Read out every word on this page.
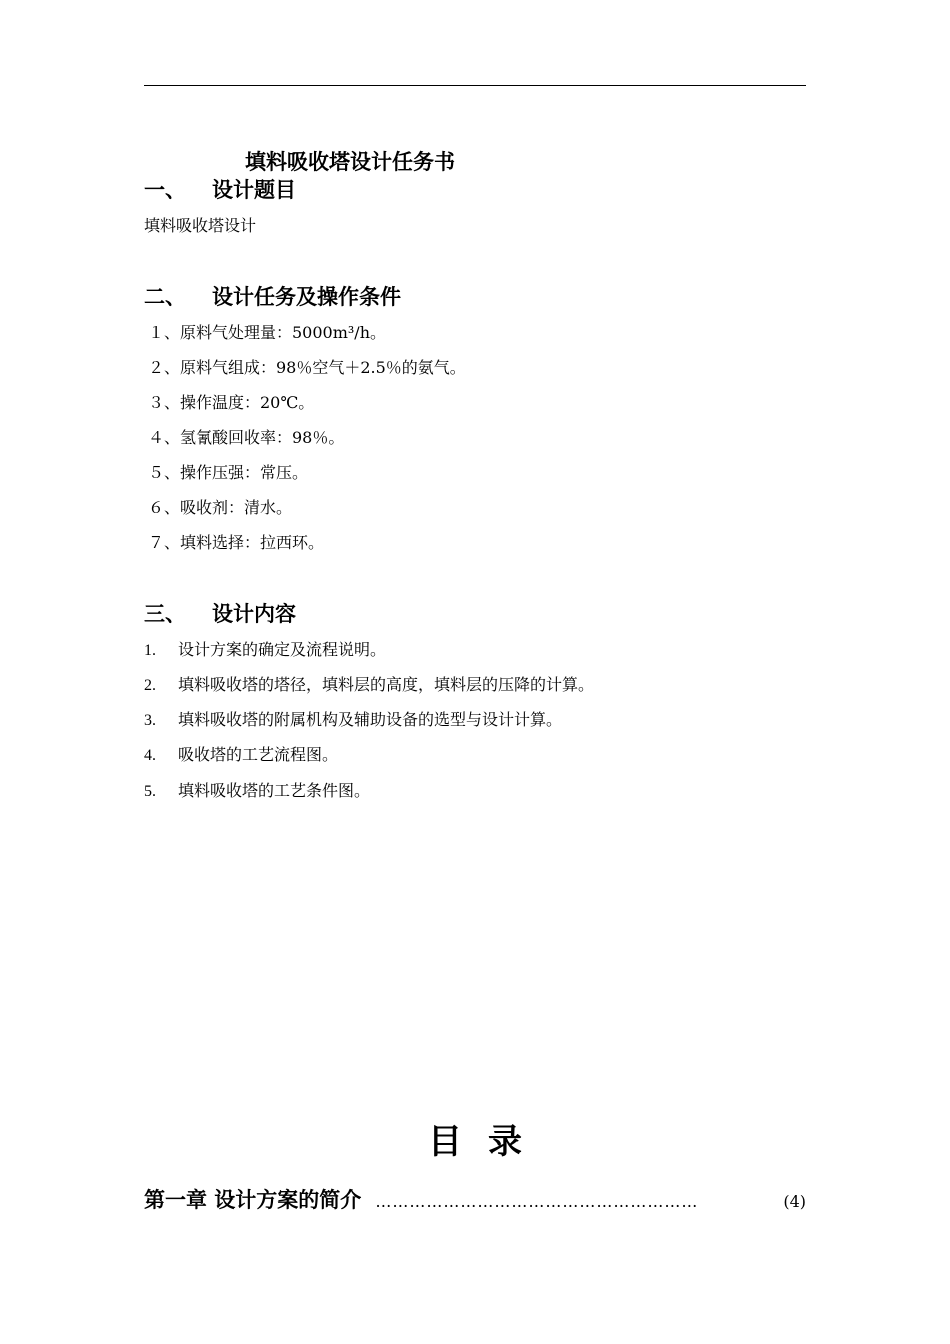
填料吸收塔设计任务书
一、 设计题目
填料吸收塔设计
二、 设计任务及操作条件
１、原料气处理量：5000m³/h。
２、原料气组成：98％空气＋2.5％的氨气。
３、操作温度：20℃。
４、氢氰酸回收率：98％。
５、操作压强：常压。
６、吸收剂：清水。
７、填料选择：拉西环。
三、 设计内容
1. 设计方案的确定及流程说明。
2. 填料吸收塔的塔径，填料层的高度，填料层的压降的计算。
3. 填料吸收塔的附属机构及辅助设备的选型与设计计算。
4. 吸收塔的工艺流程图。
5. 填料吸收塔的工艺条件图。
目录
第一章 设计方案的简介 …………………………………………………	(4)
